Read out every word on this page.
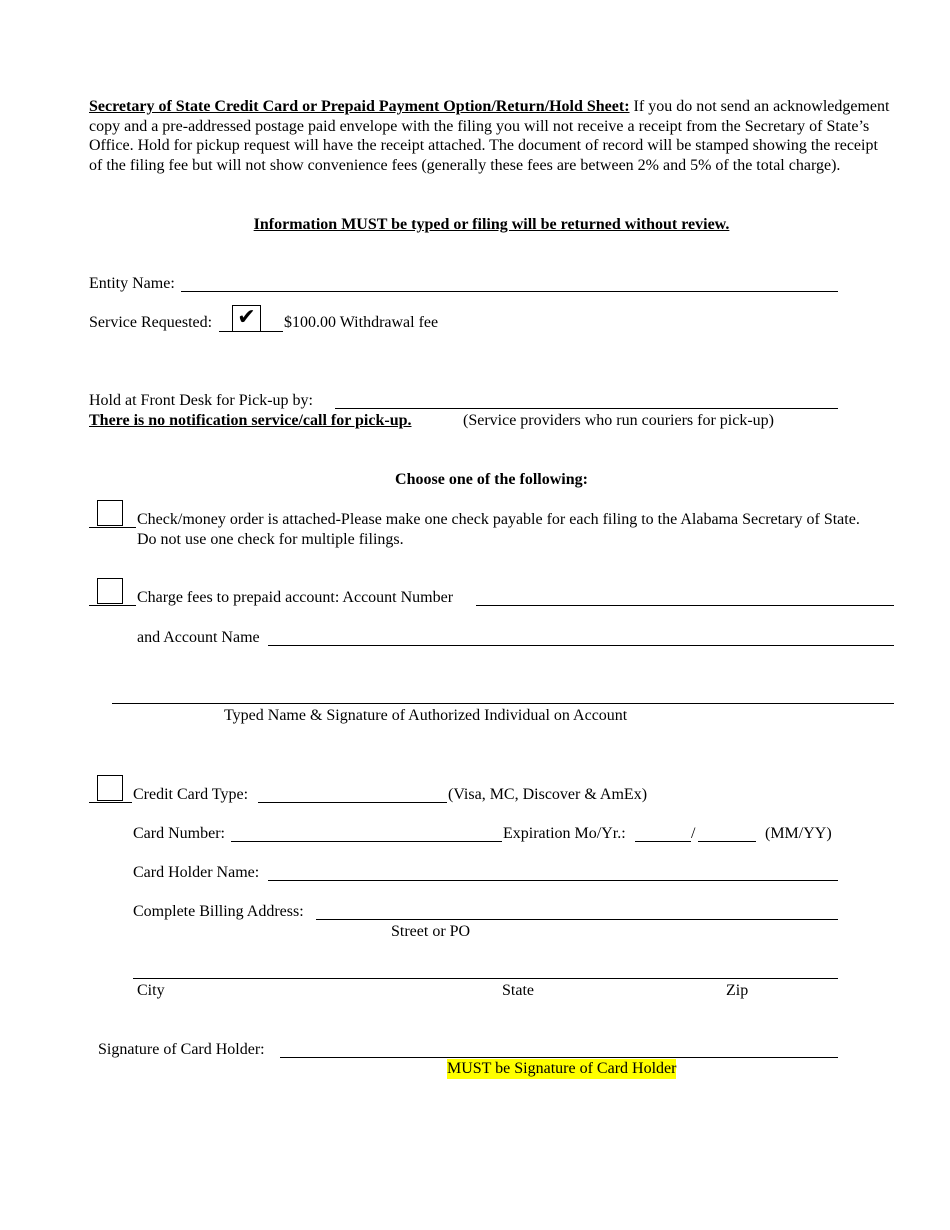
Secretary of State Credit Card or Prepaid Payment Option/Return/Hold Sheet: If you do not send an acknowledgement copy and a pre-addressed postage paid envelope with the filing you will not receive a receipt from the Secretary of State’s Office. Hold for pickup request will have the receipt attached. The document of record will be stamped showing the receipt of the filing fee but will not show convenience fees (generally these fees are between 2% and 5% of the total charge).
Information MUST be typed or filing will be returned without review.
Entity Name:
Service Requested: ✔	$100.00 Withdrawal fee
Hold at Front Desk for Pick-up by:
There is no notification service/call for pick-up.	(Service providers who run couriers for pick-up)
Choose one of the following:
Check/money order is attached-Please make one check payable for each filing to the Alabama Secretary of State. Do not use one check for multiple filings.
Charge fees to prepaid account: Account Number
and Account Name
Typed Name & Signature of Authorized Individual on Account
Credit Card Type:	(Visa, MC, Discover & AmEx)
Card Number:	Expiration Mo/Yr.:	/	(MM/YY)
Card Holder Name:
Complete Billing Address:
Street or PO
City	State	Zip
Signature of Card Holder:
MUST be Signature of Card Holder
